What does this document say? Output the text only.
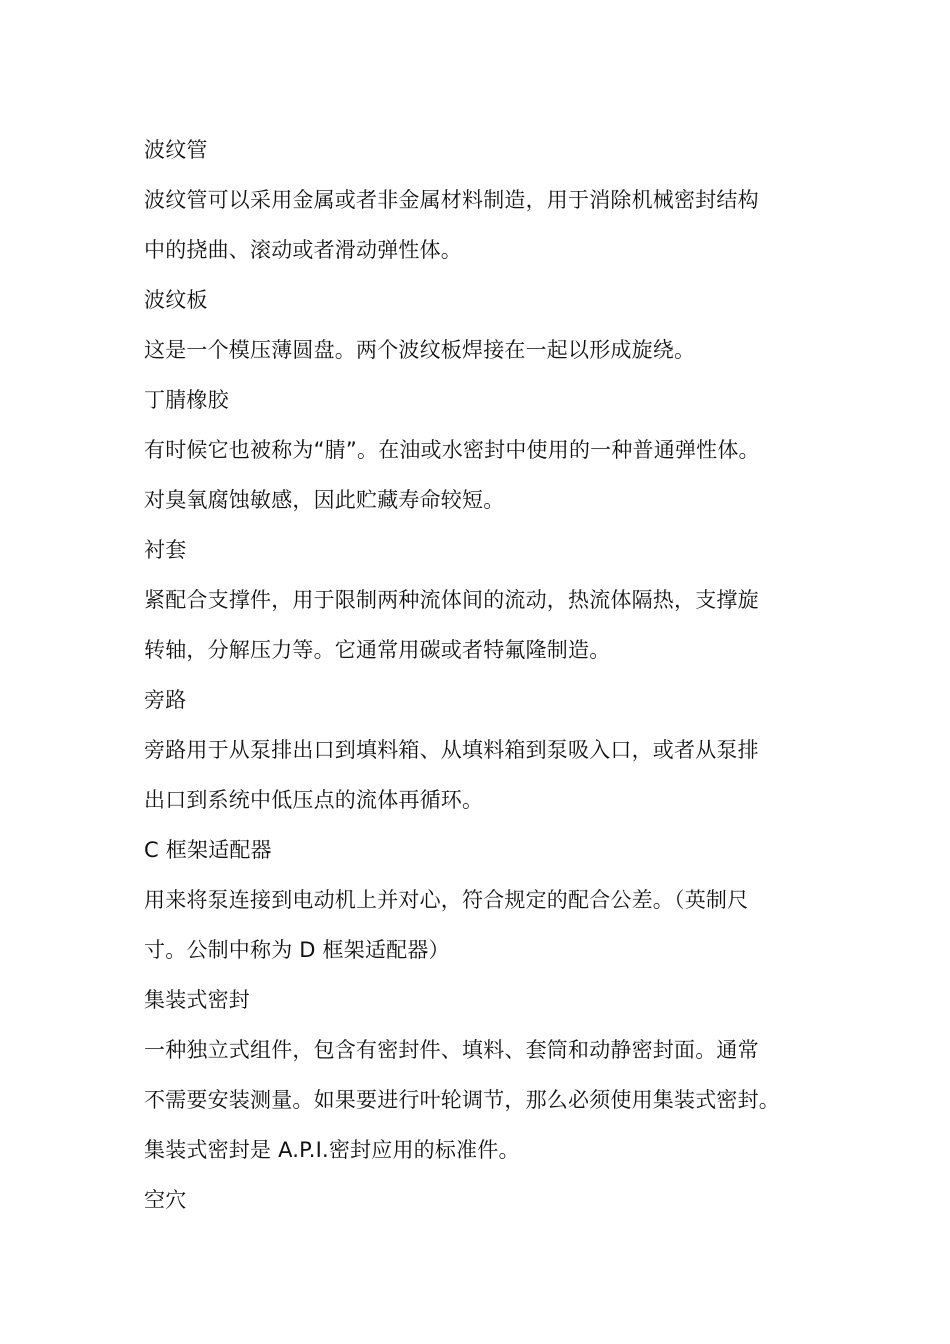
波纹管
波纹管可以采用金属或者非金属材料制造，用于消除机械密封结构
中的挠曲、滚动或者滑动弹性体。
波纹板
这是一个模压薄圆盘。两个波纹板焊接在一起以形成旋绕。
丁腈橡胶
有时候它也被称为“腈”。在油或水密封中使用的一种普通弹性体。
对臭氧腐蚀敏感，因此贮藏寿命较短。
衬套
紧配合支撑件，用于限制两种流体间的流动，热流体隔热，支撑旋
转轴，分解压力等。它通常用碳或者特氟隆制造。
旁路
旁路用于从泵排出口到填料箱、从填料箱到泵吸入口，或者从泵排
出口到系统中低压点的流体再循环。
C 框架适配器
用来将泵连接到电动机上并对心，符合规定的配合公差。（英制尺
寸。公制中称为 D 框架适配器）
集装式密封
一种独立式组件，包含有密封件、填料、套筒和动静密封面。通常
不需要安装测量。如果要进行叶轮调节，那么必须使用集装式密封。
集装式密封是 A.P.I.密封应用的标准件。
空穴
